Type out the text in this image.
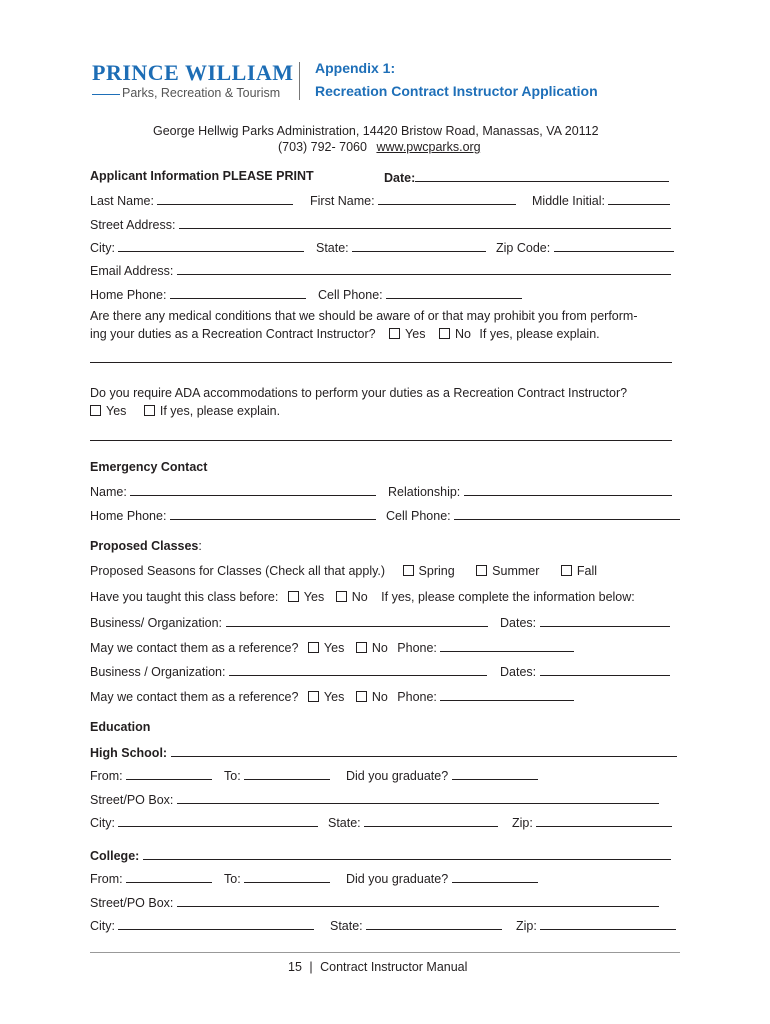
PRINCE WILLIAM
Parks, Recreation & Tourism
Appendix 1:
Recreation Contract Instructor Application
George Hellwig Parks Administration, 14420 Bristow Road, Manassas, VA 20112
(703) 792- 7060 www.pwcparks.org
Applicant Information PLEASE PRINT	Date:
Last Name:	First Name:	Middle Initial:
Street Address:
City:	State:	Zip Code:
Email Address:
Home Phone:	Cell Phone:
Are there any medical conditions that we should be aware of or that may prohibit you from perform-
ing your duties as a Recreation Contract Instructor? Yes No If yes, please explain.
Do you require ADA accommodations to perform your duties as a Recreation Contract Instructor?
Yes	If yes, please explain.
Emergency Contact
Name:	Relationship:
Home Phone:	Cell Phone:
Proposed Classes:
Proposed Seasons for Classes (Check all that apply.)	Spring	Summer	Fall
Have you taught this class before: Yes No If yes, please complete the information below:
Business/ Organization:	Dates:
May we contact them as a reference? Yes No Phone:
Business / Organization:	Dates:
May we contact them as a reference? Yes No Phone:
Education
High School:
From:	To:	Did you graduate?
Street/PO Box:
City:	State:	Zip:
College:
From:	To:	Did you graduate?
Street/PO Box:
City:	State:	Zip:
15 | Contract Instructor Manual
